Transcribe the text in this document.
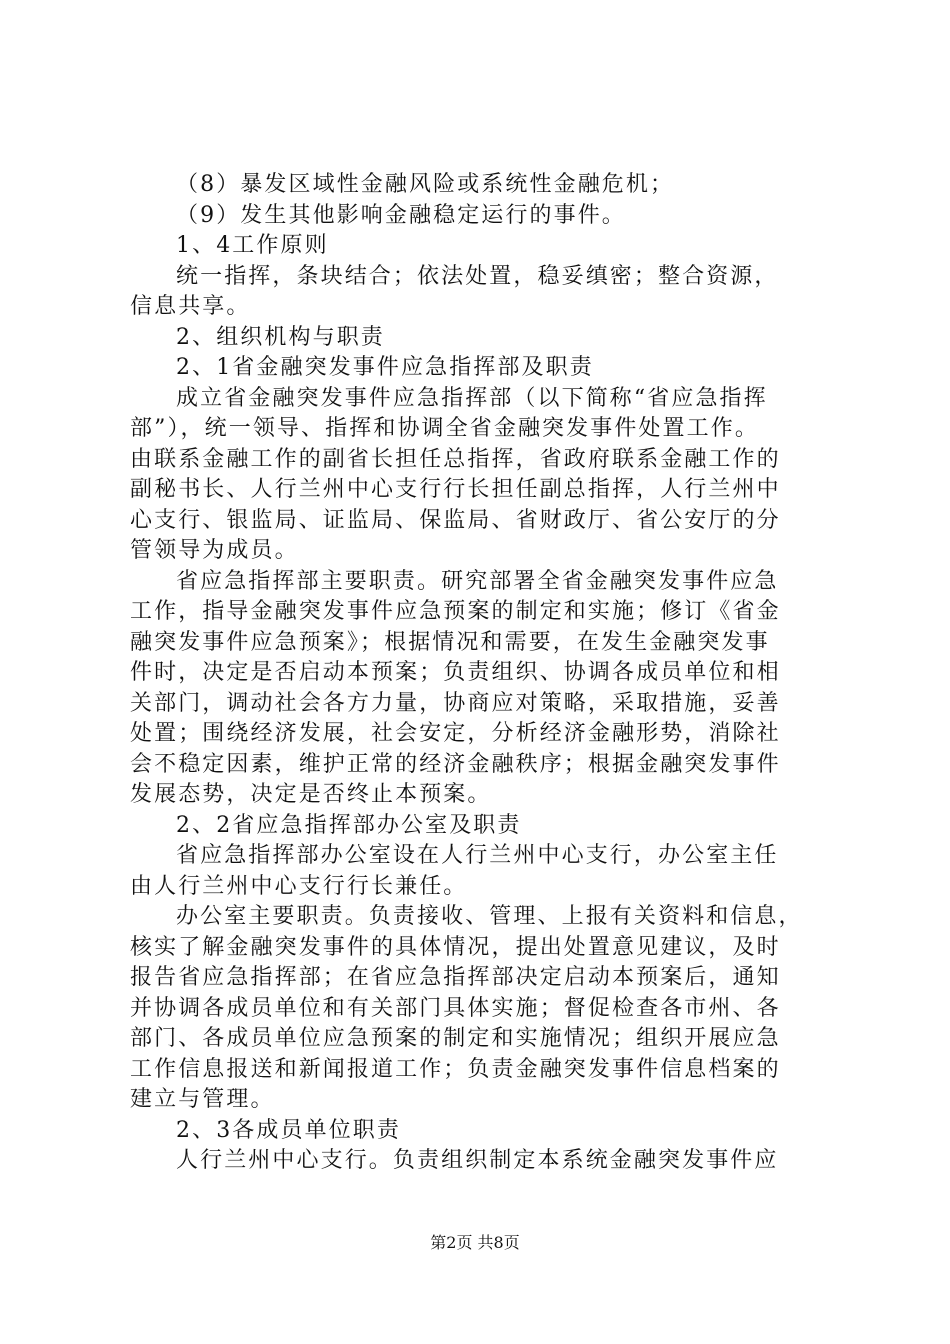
（8）暴发区域性金融风险或系统性金融危机；
（9）发生其他影响金融稳定运行的事件。
1、4工作原则
统一指挥，条块结合；依法处置，稳妥缜密；整合资源，
信息共享。
2、组织机构与职责
2、1省金融突发事件应急指挥部及职责
成立省金融突发事件应急指挥部（以下简称“省应急指挥
部”），统一领导、指挥和协调全省金融突发事件处置工作。
由联系金融工作的副省长担任总指挥，省政府联系金融工作的
副秘书长、人行兰州中心支行行长担任副总指挥，人行兰州中
心支行、银监局、证监局、保监局、省财政厅、省公安厅的分
管领导为成员。
省应急指挥部主要职责。研究部署全省金融突发事件应急
工作，指导金融突发事件应急预案的制定和实施；修订《省金
融突发事件应急预案》；根据情况和需要，在发生金融突发事
件时，决定是否启动本预案；负责组织、协调各成员单位和相
关部门，调动社会各方力量，协商应对策略，采取措施，妥善
处置；围绕经济发展，社会安定，分析经济金融形势，消除社
会不稳定因素，维护正常的经济金融秩序；根据金融突发事件
发展态势，决定是否终止本预案。
2、2省应急指挥部办公室及职责
省应急指挥部办公室设在人行兰州中心支行，办公室主任
由人行兰州中心支行行长兼任。
办公室主要职责。负责接收、管理、上报有关资料和信息，
核实了解金融突发事件的具体情况，提出处置意见建议，及时
报告省应急指挥部；在省应急指挥部决定启动本预案后，通知
并协调各成员单位和有关部门具体实施；督促检查各市州、各
部门、各成员单位应急预案的制定和实施情况；组织开展应急
工作信息报送和新闻报道工作；负责金融突发事件信息档案的
建立与管理。
2、3各成员单位职责
人行兰州中心支行。负责组织制定本系统金融突发事件应
第2页 共8页
